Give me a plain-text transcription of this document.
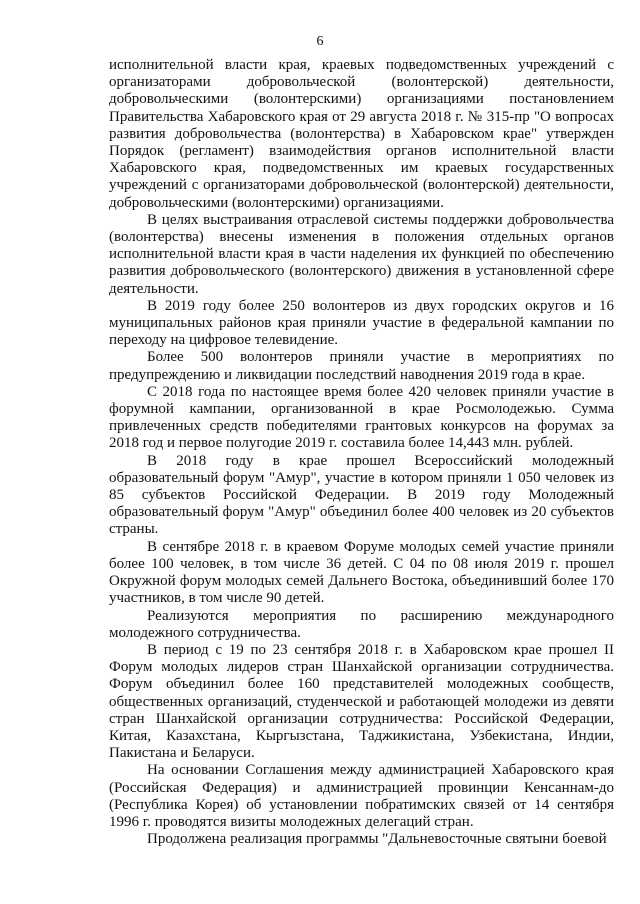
6

исполнительной власти края, краевых подведомственных учреждений с организаторами добровольческой (волонтерской) деятельности, добровольческими (волонтерскими) организациями постановлением Правительства Хабаровского края от 29 августа 2018 г. № 315-пр "О вопросах развития добровольчества (волонтерства) в Хабаровском крае" утвержден Порядок (регламент) взаимодействия органов исполнительной власти Хабаровского края, подведомственных им краевых государственных учреждений с организаторами добровольческой (волонтерской) деятельности, добровольческими (волонтерскими) организациями.

В целях выстраивания отраслевой системы поддержки добровольчества (волонтерства) внесены изменения в положения отдельных органов исполнительной власти края в части наделения их функцией по обеспечению развития добровольческого (волонтерского) движения в установленной сфере деятельности.

В 2019 году более 250 волонтеров из двух городских округов и 16 муниципальных районов края приняли участие в федеральной кампании по переходу на цифровое телевидение.

Более 500 волонтеров приняли участие в мероприятиях по предупреждению и ликвидации последствий наводнения 2019 года в крае.

С 2018 года по настоящее время более 420 человек приняли участие в форумной кампании, организованной в крае Росмолодежью. Сумма привлеченных средств победителями грантовых конкурсов на форумах за 2018 год и первое полугодие 2019 г. составила более 14,443 млн. рублей.

В 2018 году в крае прошел Всероссийский молодежный образовательный форум "Амур", участие в котором приняли 1 050 человек из 85 субъектов Российской Федерации. В 2019 году Молодежный образовательный форум "Амур" объединил более 400 человек из 20 субъектов страны.

В сентябре 2018 г. в краевом Форуме молодых семей участие приняли более 100 человек, в том числе 36 детей. С 04 по 08 июля 2019 г. прошел Окружной форум молодых семей Дальнего Востока, объединивший более 170 участников, в том числе 90 детей.

Реализуются мероприятия по расширению международного молодежного сотрудничества.

В период с 19 по 23 сентября 2018 г. в Хабаровском крае прошел II Форум молодых лидеров стран Шанхайской организации сотрудничества. Форум объединил более 160 представителей молодежных сообществ, общественных организаций, студенческой и работающей молодежи из девяти стран Шанхайской организации сотрудничества: Российской Федерации, Китая, Казахстана, Кыргызстана, Таджикистана, Узбекистана, Индии, Пакистана и Беларуси.

На основании Соглашения между администрацией Хабаровского края (Российская Федерация) и администрацией провинции Кенсаннам-до (Республика Корея) об установлении побратимских связей от 14 сентября 1996 г. проводятся визиты молодежных делегаций стран.

Продолжена реализация программы "Дальневосточные святыни боевой
